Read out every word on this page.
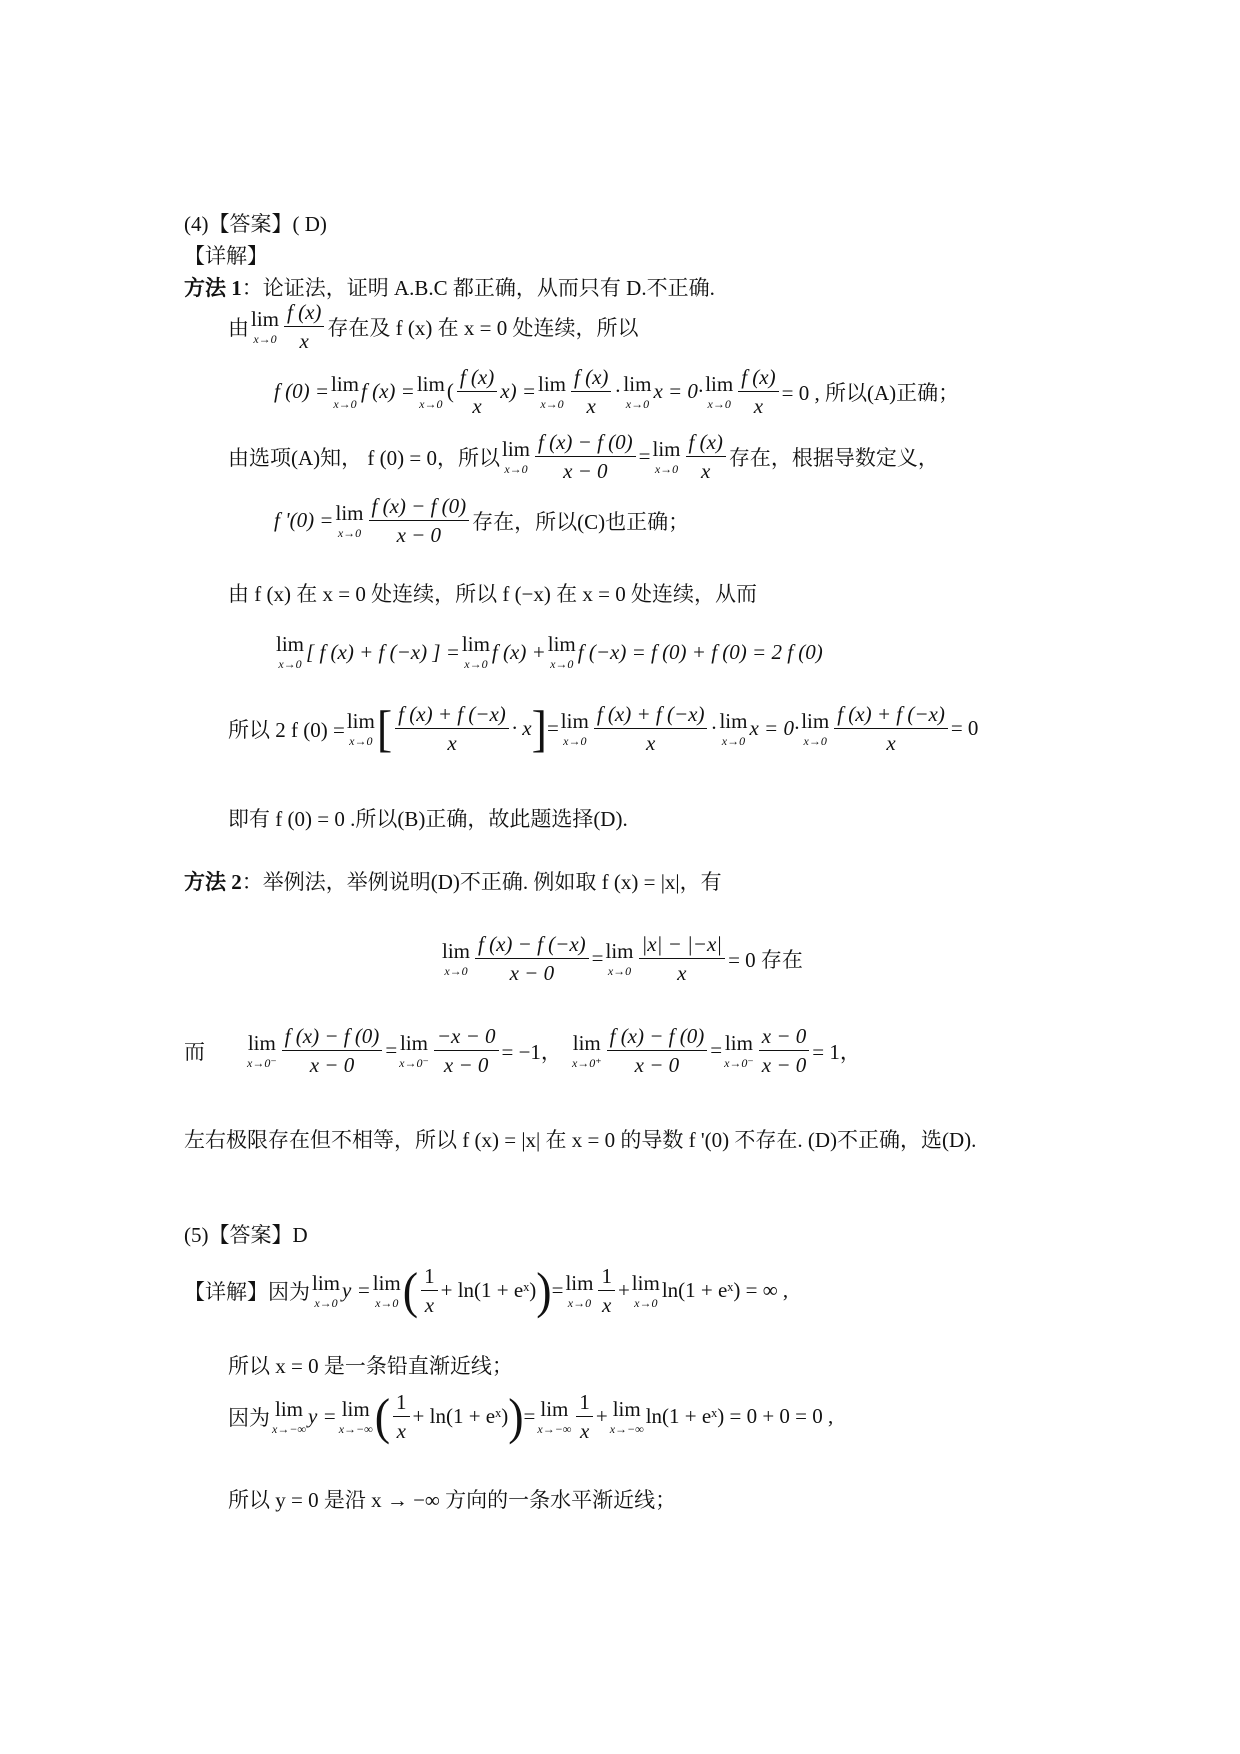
(4)【答案】( D)
【详解】
方法 1 ：论证法，证明 A.B.C 都正确，从而只有 D.不正确.
由 lim
$x\to 0 \frac{f (x)}{x}$ 存在及 f (x) 在 x = 0 处连续，所以
f (0) = lim
x→0
f (x) = lim
x→0
( $\frac{f (x)}{x} x) = \lim$
$x\to 0 \frac{f (x)}{x} \cdot \lim$
x→0
x = 0· lim
$x\to 0 \frac{f (x)}{x} = 0$ , 所以(A)正确；
由选项(A)知， f (0) = 0，所以 lim
$x\to 0 \frac{f (x) - f (0)}{x - 0} = \lim$
$x\to 0 \frac{f (x)}{x}$ 存在，根据导数定义，
f '(0) = lim
$x\to 0 \frac{f (x) - f (0)}{x - 0}$ 存在，所以(C)也正确；
由 f (x) 在 x = 0 处连续，所以 f (−x) 在 x = 0 处连续，从而
lim
x→0
[ f (x) + f (−x) ] = lim
x→0
f (x) + lim
x→0
f (−x) = f (0) + f (0) = 2 f (0)
所以 2 f (0) = lim
x→0 [ $\frac{f (x) + f (-x)}{x} \cdot x$ ] = lim
$x\to 0 \frac{f (x) + f (-x)}{x} \cdot \lim$
x→0
x = 0· lim
$x\to 0 \frac{f (x) + f (-x)}{x} = 0$
即有 f (0) = 0 .所以(B)正确，故此题选择(D).
方法 2 ：举例法，举例说明(D)不正确. 例如取 f (x) = |x|，有
lim
$x\to 0 \frac{f (x) - f (-x)}{x - 0} = \lim$
$x\to 0 \frac{|x| - |-x|}{x} = 0$ 存在
而 lim
$x\to 0^- \frac{f (x) - f (0)}{x - 0} = \lim$
$x\to 0^- \frac{-x - 0}{x - 0} = -1$， lim
$x\to 0^+ \frac{f (x) - f (0)}{x - 0} = \lim$
$x\to 0^- \frac{x - 0}{x - 0} = 1$，
左右极限存在但不相等，所以 f (x) = |x| 在 x = 0 的导数 f '(0) 不存在. (D)不正确，选(D).
(5)【答案】D
【详解】因为 lim
x→0
y = lim
x→0 ( $\frac{1}{x} + \ln(1$ + eˣ) ) = lim
$x\to 0 \frac{1}{x} + \lim$
x→0
ln(1 + eˣ) = ∞ ,
所以 x = 0 是一条铅直渐近线；
因为 lim
x→−∞
y = lim
x→−∞ ( $\frac{1}{x} + \ln(1$ + eˣ) ) = lim
$x\to-\infty \frac{1}{x} + \lim$
x→−∞
ln(1 + eˣ) = 0 + 0 = 0 ,
所以 y = 0 是沿 x → −∞ 方向的一条水平渐近线；
